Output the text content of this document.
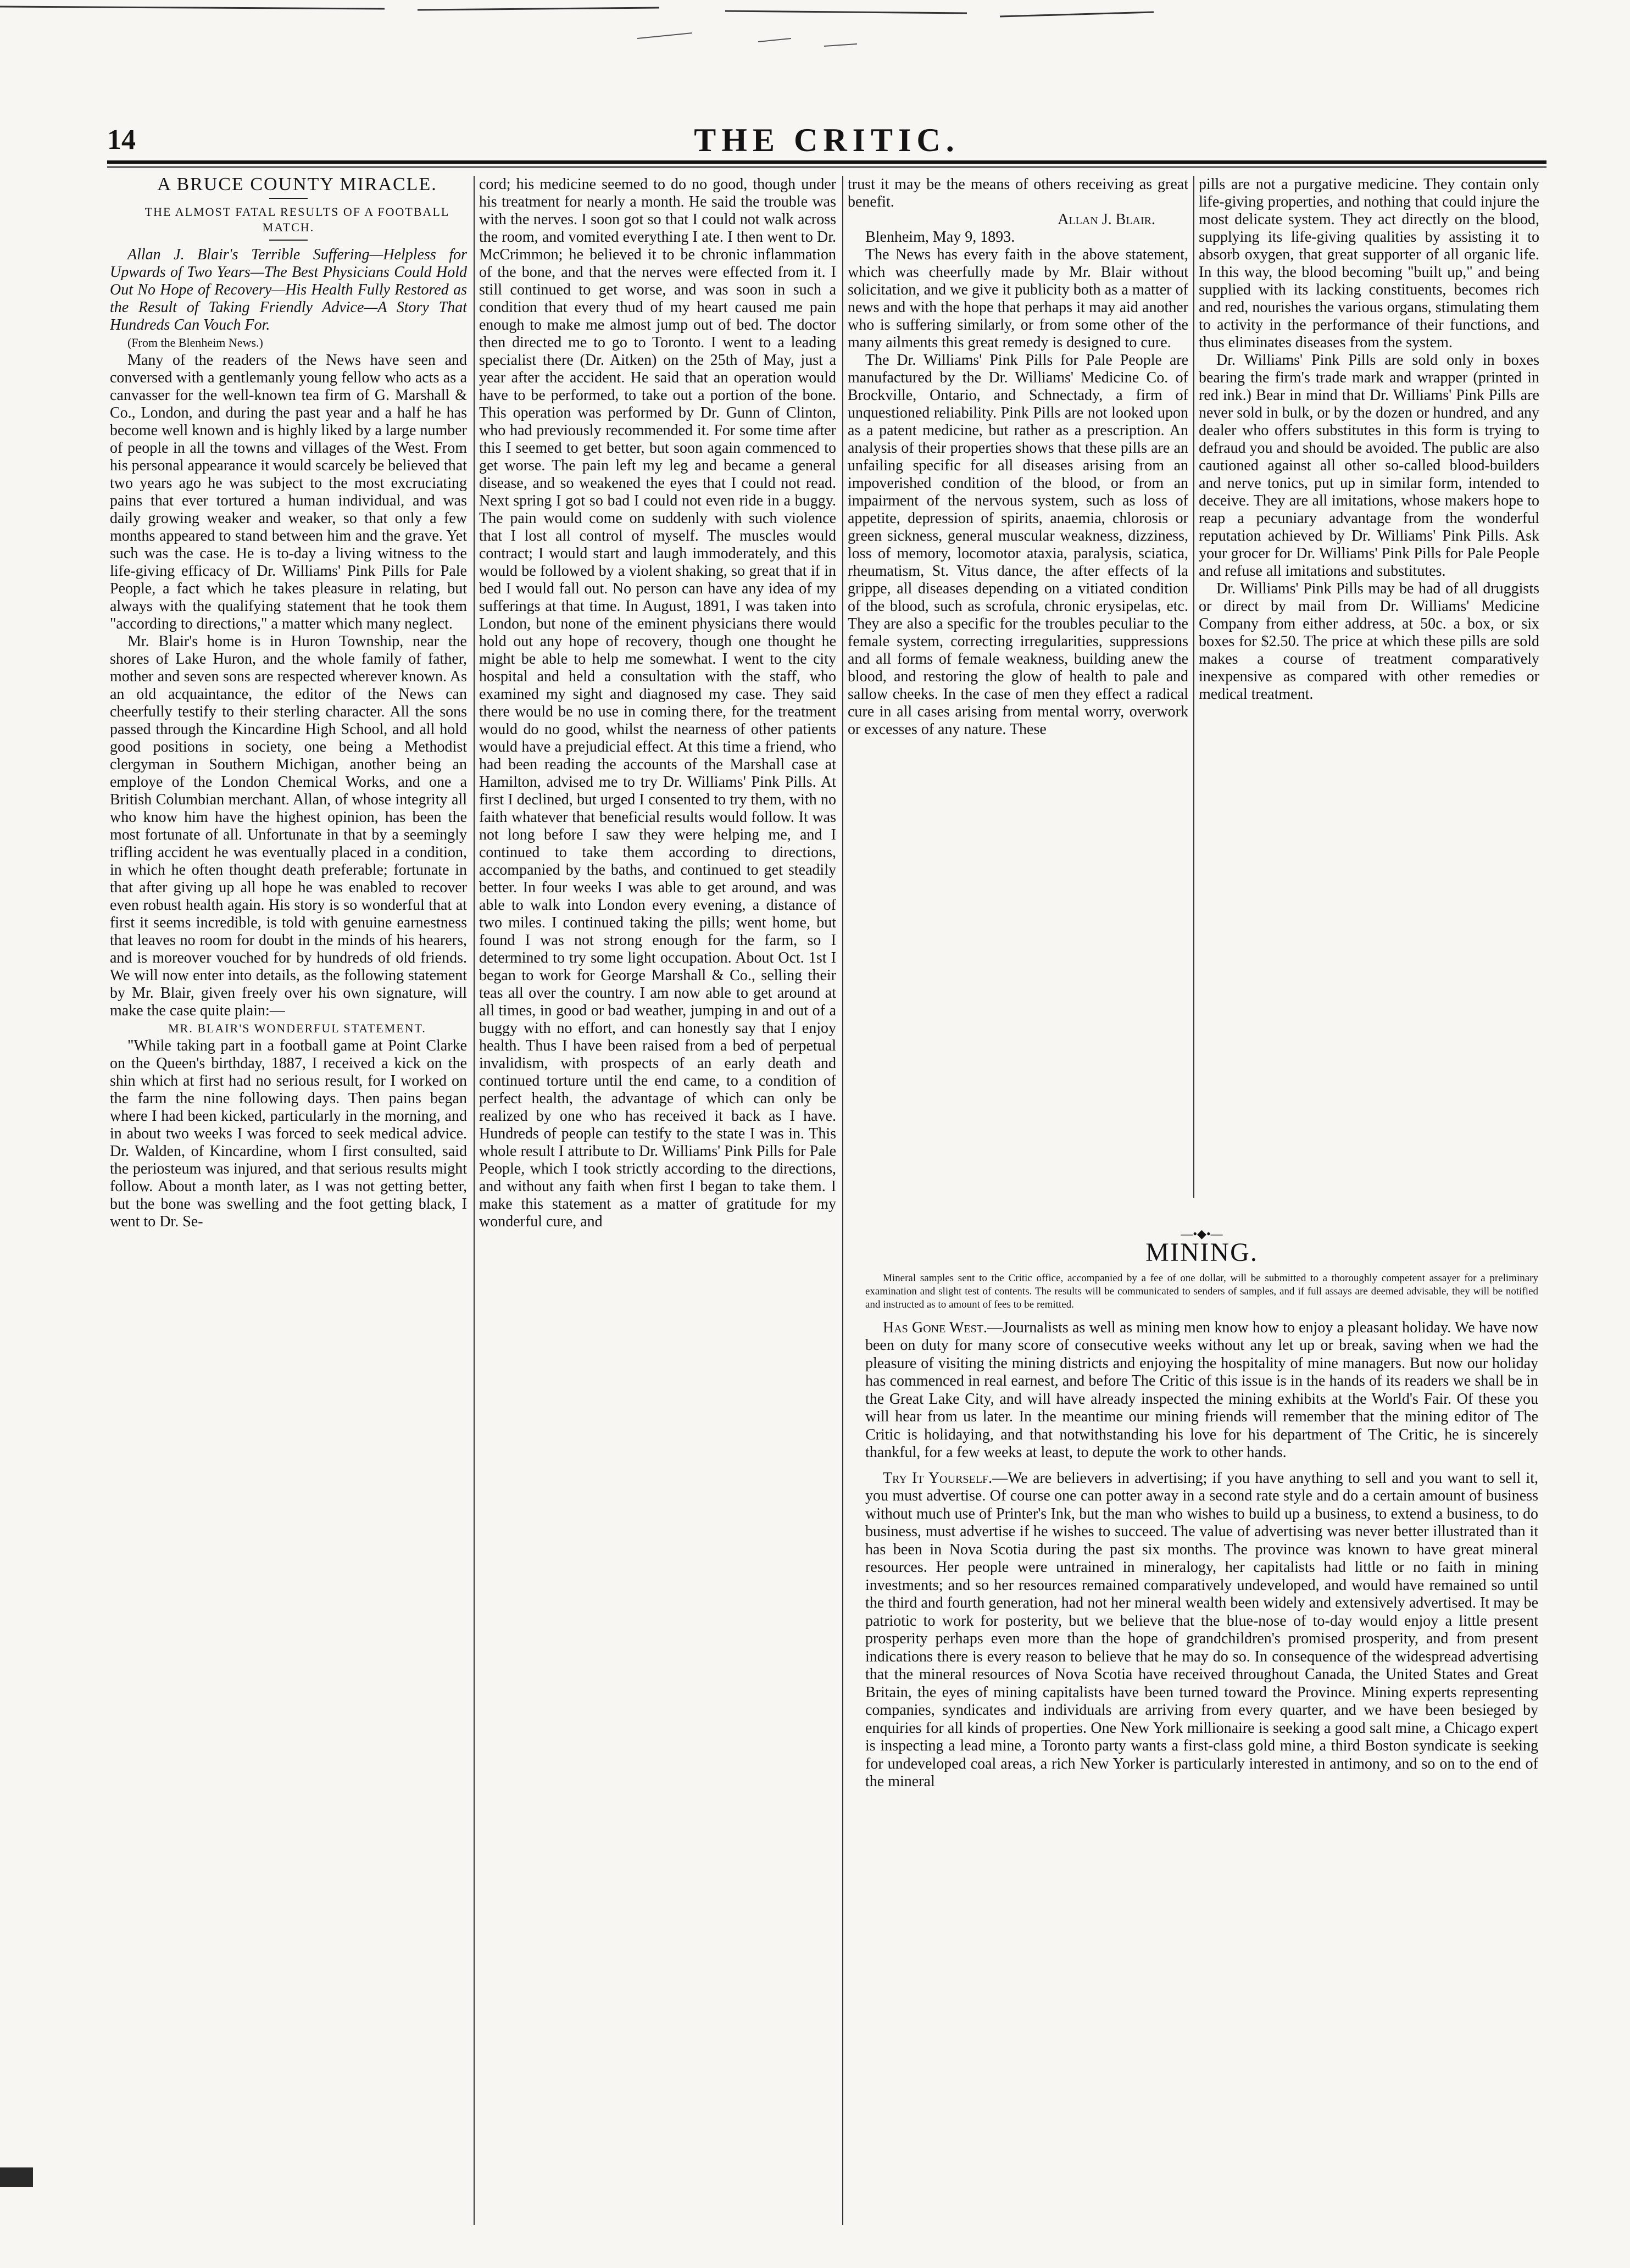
14	THE CRITIC.

A BRUCE COUNTY MIRACLE.

THE ALMOST FATAL RESULTS OF A FOOTBALL MATCH.

Allan J. Blair's Terrible Suffering—Helpless for Upwards of Two Years—The Best Physicians Could Hold Out No Hope of Recovery—His Health Fully Restored as the Result of Taking Friendly Advice—A Story That Hundreds Can Vouch For.

(From the Blenheim News.)

Many of the readers of the News have seen and conversed with a gentlemanly young fellow who acts as a canvasser for the well-known tea firm of G. Marshall & Co., London, and during the past year and a half he has become well known and is highly liked by a large number of people in all the towns and villages of the West. From his personal appearance it would scarcely be believed that two years ago he was subject to the most excruciating pains that ever tortured a human individual, and was daily growing weaker and weaker, so that only a few months appeared to stand between him and the grave. Yet such was the case. He is to-day a living witness to the life-giving efficacy of Dr. Williams' Pink Pills for Pale People, a fact which he takes pleasure in relating, but always with the qualifying statement that he took them "according to directions," a matter which many neglect.

Mr. Blair's home is in Huron Township, near the shores of Lake Huron, and the whole family of father, mother and seven sons are respected wherever known. As an old acquaintance, the editor of the News can cheerfully testify to their sterling character. All the sons passed through the Kincardine High School, and all hold good positions in society, one being a Methodist clergyman in Southern Michigan, another being an employe of the London Chemical Works, and one a British Columbian merchant. Allan, of whose integrity all who know him have the highest opinion, has been the most fortunate of all. Unfortunate in that by a seemingly trifling accident he was eventually placed in a condition, in which he often thought death preferable; fortunate in that after giving up all hope he was enabled to recover even robust health again. His story is so wonderful that at first it seems incredible, is told with genuine earnestness that leaves no room for doubt in the minds of his hearers, and is moreover vouched for by hundreds of old friends. We will now enter into details, as the following statement by Mr. Blair, given freely over his own signature, will make the case quite plain:—

MR. BLAIR'S WONDERFUL STATEMENT.

"While taking part in a football game at Point Clarke on the Queen's birthday, 1887, I received a kick on the shin which at first had no serious result, for I worked on the farm the nine following days. Then pains began where I had been kicked, particularly in the morning, and in about two weeks I was forced to seek medical advice. Dr. Walden, of Kincardine, whom I first consulted, said the periosteum was injured, and that serious results might follow. About a month later, as I was not getting better, but the bone was swelling and the foot getting black, I went to Dr. Se-

cord; his medicine seemed to do no good, though under his treatment for nearly a month. He said the trouble was with the nerves. I soon got so that I could not walk across the room, and vomited everything I ate. I then went to Dr. McCrimmon; he believed it to be chronic inflammation of the bone, and that the nerves were effected from it. I still continued to get worse, and was soon in such a condition that every thud of my heart caused me pain enough to make me almost jump out of bed. The doctor then directed me to go to Toronto. I went to a leading specialist there (Dr. Aitken) on the 25th of May, just a year after the accident. He said that an operation would have to be performed, to take out a portion of the bone. This operation was performed by Dr. Gunn of Clinton, who had previously recommended it. For some time after this I seemed to get better, but soon again commenced to get worse. The pain left my leg and became a general disease, and so weakened the eyes that I could not read. Next spring I got so bad I could not even ride in a buggy. The pain would come on suddenly with such violence that I lost all control of myself. The muscles would contract; I would start and laugh immoderately, and this would be followed by a violent shaking, so great that if in bed I would fall out. No person can have any idea of my sufferings at that time. In August, 1891, I was taken into London, but none of the eminent physicians there would hold out any hope of recovery, though one thought he might be able to help me somewhat. I went to the city hospital and held a consultation with the staff, who examined my sight and diagnosed my case. They said there would be no use in coming there, for the treatment would do no good, whilst the nearness of other patients would have a prejudicial effect. At this time a friend, who had been reading the accounts of the Marshall case at Hamilton, advised me to try Dr. Williams' Pink Pills. At first I declined, but urged I consented to try them, with no faith whatever that beneficial results would follow. It was not long before I saw they were helping me, and I continued to take them according to directions, accompanied by the baths, and continued to get steadily better. In four weeks I was able to get around, and was able to walk into London every evening, a distance of two miles. I continued taking the pills; went home, but found I was not strong enough for the farm, so I determined to try some light occupation. About Oct. 1st I began to work for George Marshall & Co., selling their teas all over the country. I am now able to get around at all times, in good or bad weather, jumping in and out of a buggy with no effort, and can honestly say that I enjoy health. Thus I have been raised from a bed of perpetual invalidism, with prospects of an early death and continued torture until the end came, to a condition of perfect health, the advantage of which can only be realized by one who has received it back as I have. Hundreds of people can testify to the state I was in. This whole result I attribute to Dr. Williams' Pink Pills for Pale People, which I took strictly according to the directions, and without any faith when first I began to take them. I make this statement as a matter of gratitude for my wonderful cure, and

trust it may be the means of others receiving as great benefit.

Allan J. Blair.

Blenheim, May 9, 1893.

The News has every faith in the above statement, which was cheerfully made by Mr. Blair without solicitation, and we give it publicity both as a matter of news and with the hope that perhaps it may aid another who is suffering similarly, or from some other of the many ailments this great remedy is designed to cure.

The Dr. Williams' Pink Pills for Pale People are manufactured by the Dr. Williams' Medicine Co. of Brockville, Ontario, and Schnectady, a firm of unquestioned reliability. Pink Pills are not looked upon as a patent medicine, but rather as a prescription. An analysis of their properties shows that these pills are an unfailing specific for all diseases arising from an impoverished condition of the blood, or from an impairment of the nervous system, such as loss of appetite, depression of spirits, anaemia, chlorosis or green sickness, general muscular weakness, dizziness, loss of memory, locomotor ataxia, paralysis, sciatica, rheumatism, St. Vitus dance, the after effects of la grippe, all diseases depending on a vitiated condition of the blood, such as scrofula, chronic erysipelas, etc. They are also a specific for the troubles peculiar to the female system, correcting irregularities, suppressions and all forms of female weakness, building anew the blood, and restoring the glow of health to pale and sallow cheeks. In the case of men they effect a radical cure in all cases arising from mental worry, overwork or excesses of any nature. These

pills are not a purgative medicine. They contain only life-giving properties, and nothing that could injure the most delicate system. They act directly on the blood, supplying its life-giving qualities by assisting it to absorb oxygen, that great supporter of all organic life. In this way, the blood becoming "built up," and being supplied with its lacking constituents, becomes rich and red, nourishes the various organs, stimulating them to activity in the performance of their functions, and thus eliminates diseases from the system.

Dr. Williams' Pink Pills are sold only in boxes bearing the firm's trade mark and wrapper (printed in red ink.) Bear in mind that Dr. Williams' Pink Pills are never sold in bulk, or by the dozen or hundred, and any dealer who offers substitutes in this form is trying to defraud you and should be avoided. The public are also cautioned against all other so-called blood-builders and nerve tonics, put up in similar form, intended to deceive. They are all imitations, whose makers hope to reap a pecuniary advantage from the wonderful reputation achieved by Dr. Williams' Pink Pills. Ask your grocer for Dr. Williams' Pink Pills for Pale People and refuse all imitations and substitutes.

Dr. Williams' Pink Pills may be had of all druggists or direct by mail from Dr. Williams' Medicine Company from either address, at 50c. a box, or six boxes for $2.50. The price at which these pills are sold makes a course of treatment comparatively inexpensive as compared with other remedies or medical treatment.

—•◆•—
MINING.

Mineral samples sent to the Critic office, accompanied by a fee of one dollar, will be submitted to a thoroughly competent assayer for a preliminary examination and slight test of contents. The results will be communicated to senders of samples, and if full assays are deemed advisable, they will be notified and instructed as to amount of fees to be remitted.

Has Gone West.—Journalists as well as mining men know how to enjoy a pleasant holiday. We have now been on duty for many score of consecutive weeks without any let up or break, saving when we had the pleasure of visiting the mining districts and enjoying the hospitality of mine managers. But now our holiday has commenced in real earnest, and before The Critic of this issue is in the hands of its readers we shall be in the Great Lake City, and will have already inspected the mining exhibits at the World's Fair. Of these you will hear from us later. In the meantime our mining friends will remember that the mining editor of The Critic is holidaying, and that notwithstanding his love for his department of The Critic, he is sincerely thankful, for a few weeks at least, to depute the work to other hands.

Try It Yourself.—We are believers in advertising; if you have anything to sell and you want to sell it, you must advertise. Of course one can potter away in a second rate style and do a certain amount of business without much use of Printer's Ink, but the man who wishes to build up a business, to extend a business, to do business, must advertise if he wishes to succeed. The value of advertising was never better illustrated than it has been in Nova Scotia during the past six months. The province was known to have great mineral resources. Her people were untrained in mineralogy, her capitalists had little or no faith in mining investments; and so her resources remained comparatively undeveloped, and would have remained so until the third and fourth generation, had not her mineral wealth been widely and extensively advertised. It may be patriotic to work for posterity, but we believe that the blue-nose of to-day would enjoy a little present prosperity perhaps even more than the hope of grandchildren's promised prosperity, and from present indications there is every reason to believe that he may do so. In consequence of the widespread advertising that the mineral resources of Nova Scotia have received throughout Canada, the United States and Great Britain, the eyes of mining capitalists have been turned toward the Province. Mining experts representing companies, syndicates and individuals are arriving from every quarter, and we have been besieged by enquiries for all kinds of properties. One New York millionaire is seeking a good salt mine, a Chicago expert is inspecting a lead mine, a Toronto party wants a first-class gold mine, a third Boston syndicate is seeking for undeveloped coal areas, a rich New Yorker is particularly interested in antimony, and so on to the end of the mineral
